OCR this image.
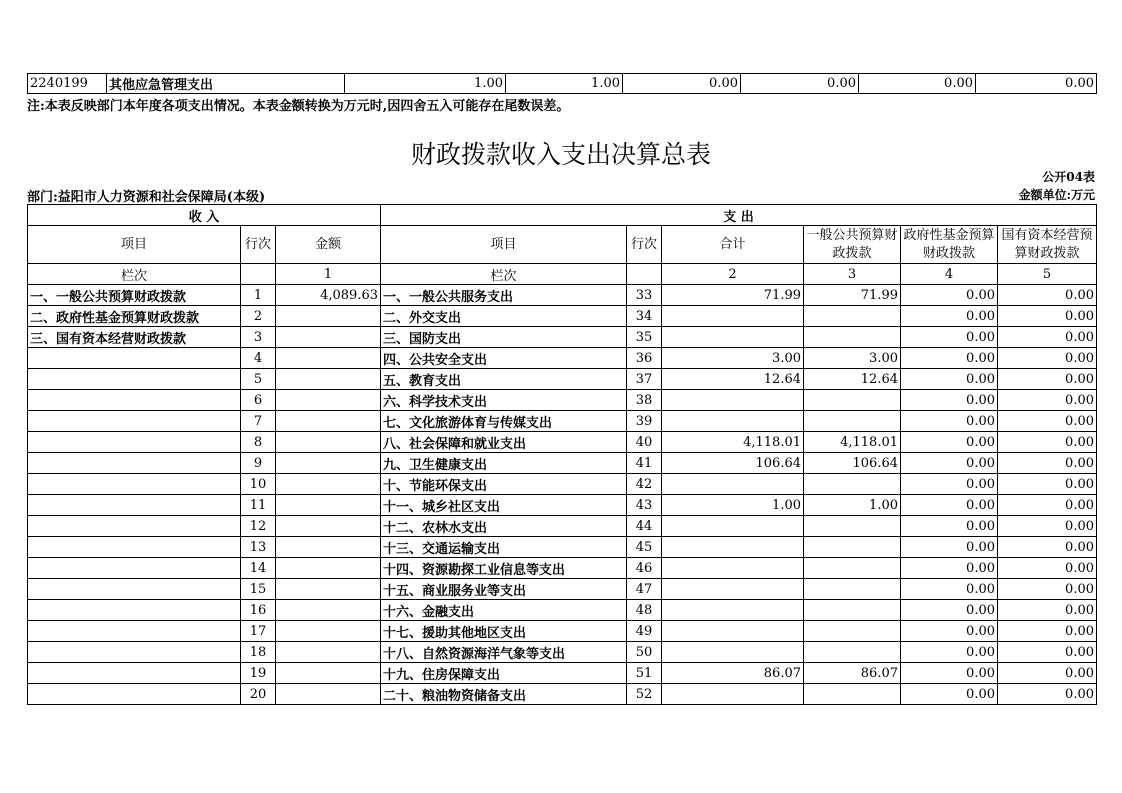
2240199	其他应急管理支出	1.00	1.00	0.00	0.00	0.00	0.00
注:本表反映部门本年度各项支出情况。本表金额转换为万元时,因四舍五入可能存在尾数误差。
财政拨款收入支出决算总表
公开04表
部门:益阳市人力资源和社会保障局(本级)	金额单位:万元
收 入			支 出					
项目	行次	金额	项目	行次	合计	一般公共预算财政拨款	政府性基金预算财政拨款	国有资本经营预算财政拨款
栏次		1	栏次		2	3	4	5
一、一般公共预算财政拨款	1	4,089.63	一、一般公共服务支出	33	71.99	71.99	0.00	0.00
二、政府性基金预算财政拨款	2		二、外交支出	34			0.00	0.00
三、国有资本经营财政拨款	3		三、国防支出	35			0.00	0.00
	4		四、公共安全支出	36	3.00	3.00	0.00	0.00
	5		五、教育支出	37	12.64	12.64	0.00	0.00
	6		六、科学技术支出	38			0.00	0.00
	7		七、文化旅游体育与传媒支出	39			0.00	0.00
	8		八、社会保障和就业支出	40	4,118.01	4,118.01	0.00	0.00
	9		九、卫生健康支出	41	106.64	106.64	0.00	0.00
	10		十、节能环保支出	42			0.00	0.00
	11		十一、城乡社区支出	43	1.00	1.00	0.00	0.00
	12		十二、农林水支出	44			0.00	0.00
	13		十三、交通运输支出	45			0.00	0.00
	14		十四、资源勘探工业信息等支出	46			0.00	0.00
	15		十五、商业服务业等支出	47			0.00	0.00
	16		十六、金融支出	48			0.00	0.00
	17		十七、援助其他地区支出	49			0.00	0.00
	18		十八、自然资源海洋气象等支出	50			0.00	0.00
	19		十九、住房保障支出	51	86.07	86.07	0.00	0.00
	20		二十、粮油物资储备支出	52			0.00	0.00
